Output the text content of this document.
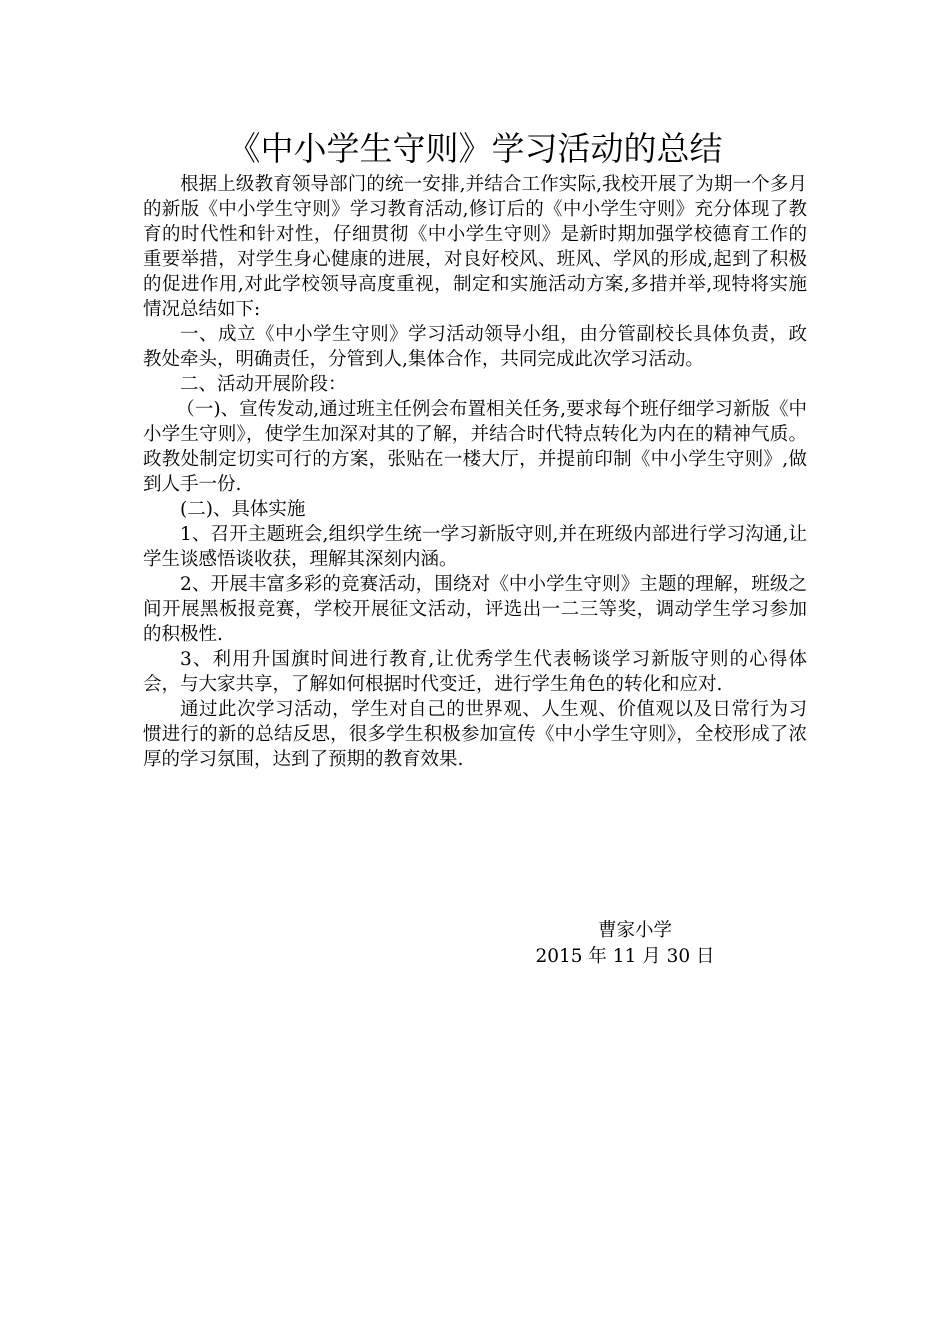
《中小学生守则》学习活动的总结

根据上级教育领导部门的统一安排,并结合工作实际,我校开展了为期一个多月的新版《中小学生守则》学习教育活动,修订后的《中小学生守则》充分体现了教育的时代性和针对性，仔细贯彻《中小学生守则》是新时期加强学校德育工作的重要举措，对学生身心健康的进展，对良好校风、班风、学风的形成,起到了积极的促进作用,对此学校领导高度重视，制定和实施活动方案,多措并举,现特将实施情况总结如下:

一、成立《中小学生守则》学习活动领导小组，由分管副校长具体负责，政教处牵头，明确责任，分管到人,集体合作，共同完成此次学习活动。

二、活动开展阶段：

（一)、宣传发动,通过班主任例会布置相关任务,要求每个班仔细学习新版《中小学生守则》，使学生加深对其的了解，并结合时代特点转化为内在的精神气质。政教处制定切实可行的方案，张贴在一楼大厅，并提前印制《中小学生守则》,做到人手一份.

(二)、具体实施

1、召开主题班会,组织学生统一学习新版守则,并在班级内部进行学习沟通,让学生谈感悟谈收获，理解其深刻内涵。

2、开展丰富多彩的竞赛活动，围绕对《中小学生守则》主题的理解，班级之间开展黑板报竞赛，学校开展征文活动，评选出一二三等奖，调动学生学习参加的积极性.

3、利用升国旗时间进行教育,让优秀学生代表畅谈学习新版守则的心得体会，与大家共享，了解如何根据时代变迁，进行学生角色的转化和应对.

通过此次学习活动，学生对自己的世界观、人生观、价值观以及日常行为习惯进行的新的总结反思，很多学生积极参加宣传《中小学生守则》，全校形成了浓厚的学习氛围，达到了预期的教育效果.

曹家小学
2015 年 11 月 30 日
